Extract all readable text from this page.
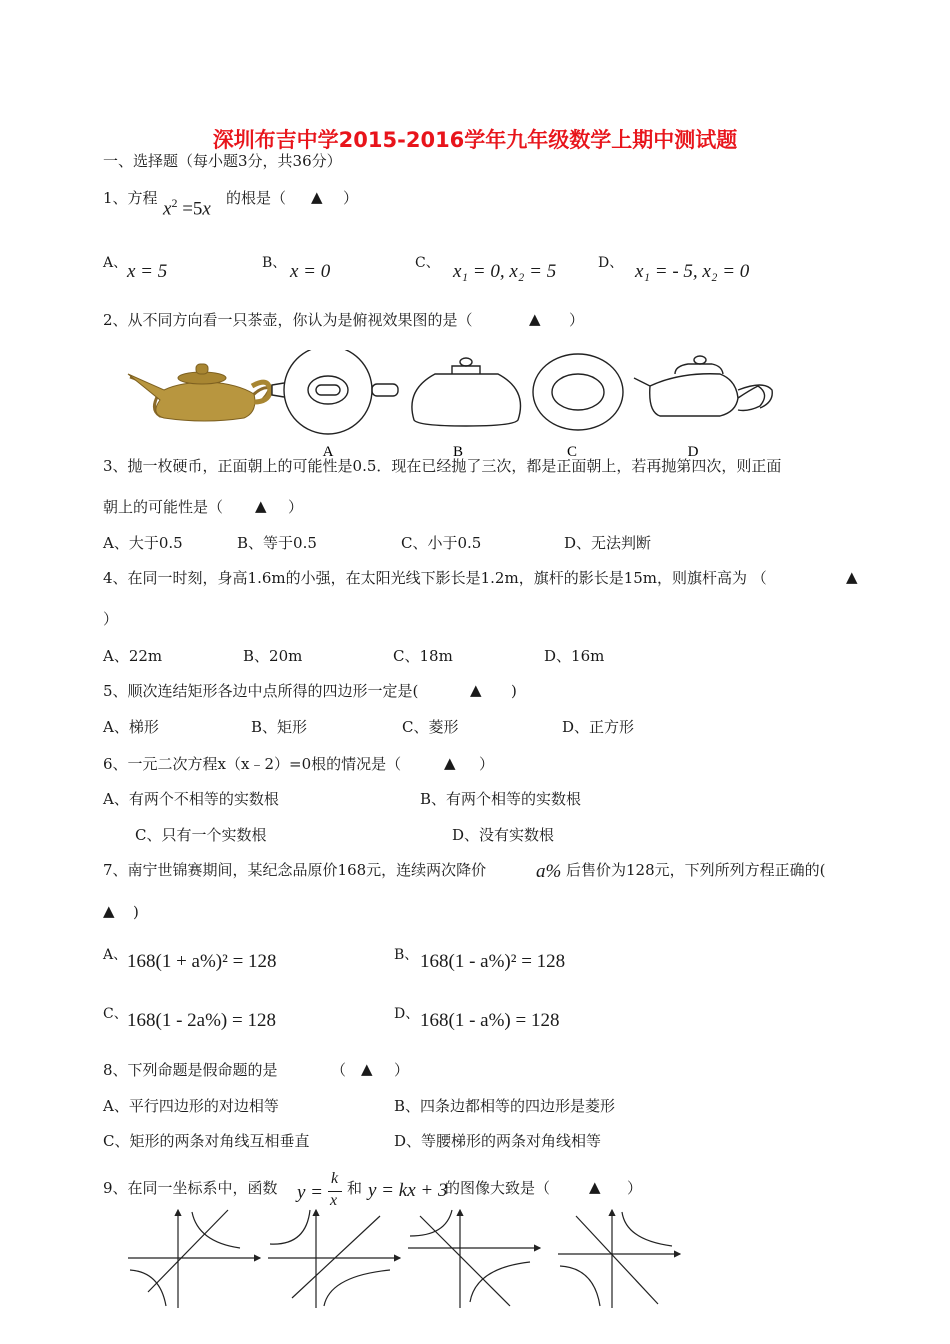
深圳布吉中学2015-2016学年九年级数学上期中测试题
一、选择题（每小题3分，共36分）
1、方程
$x^2 =5x$
的根是（ ▲ ）
A、 x = 5	B、 x = 0	C、 x₁ = 0, x₂ = 5	D、 x₁ = - 5, x₂ = 0
2、从不同方向看一只茶壶，你认为是俯视效果图的是（	▲ ）
A	B	C	D
3、抛一枚硬币，正面朝上的可能性是0.5．现在已经抛了三次，都是正面朝上，若再抛第四次，则正面
朝上的可能性是（ ▲ ）
A、大于0.5	B、等于0.5	C、小于0.5	D、无法判断
4、在同一时刻，身高1.6m的小强，在太阳光线下影长是1.2m，旗杆的影长是15m，则旗杆高为 （	▲
）
A、22m	B、20m	C、18m	D、16m
5、顺次连结矩形各边中点所得的四边形一定是(	▲ )
A、梯形	B、矩形	C、菱形	D、正方形
6、一元二次方程x（x﹣2）=0根的情况是（	▲ ）
A、有两个不相等的实数根	B、有两个相等的实数根
C、只有一个实数根	D、没有实数根
7、南宁世锦赛期间，某纪念品原价168元，连续两次降价	a% 后售价为128元，下列所列方程正确的(
▲ )
A、 168(1 + a%)² = 128	B、 168(1 - a%)² = 128
C、 168(1 - 2a%) = 128	D、 168(1 - a%) = 128
8、下列命题是假命题的是	（ ▲ ）
A、平行四边形的对边相等	B、四条边都相等的四边形是菱形
C、矩形的两条对角线互相垂直	D、等腰梯形的两条对角线相等
9、在同一坐标系中，函数 y =
k
x
和 y = kx + 3
的图像大致是（	▲ ）
